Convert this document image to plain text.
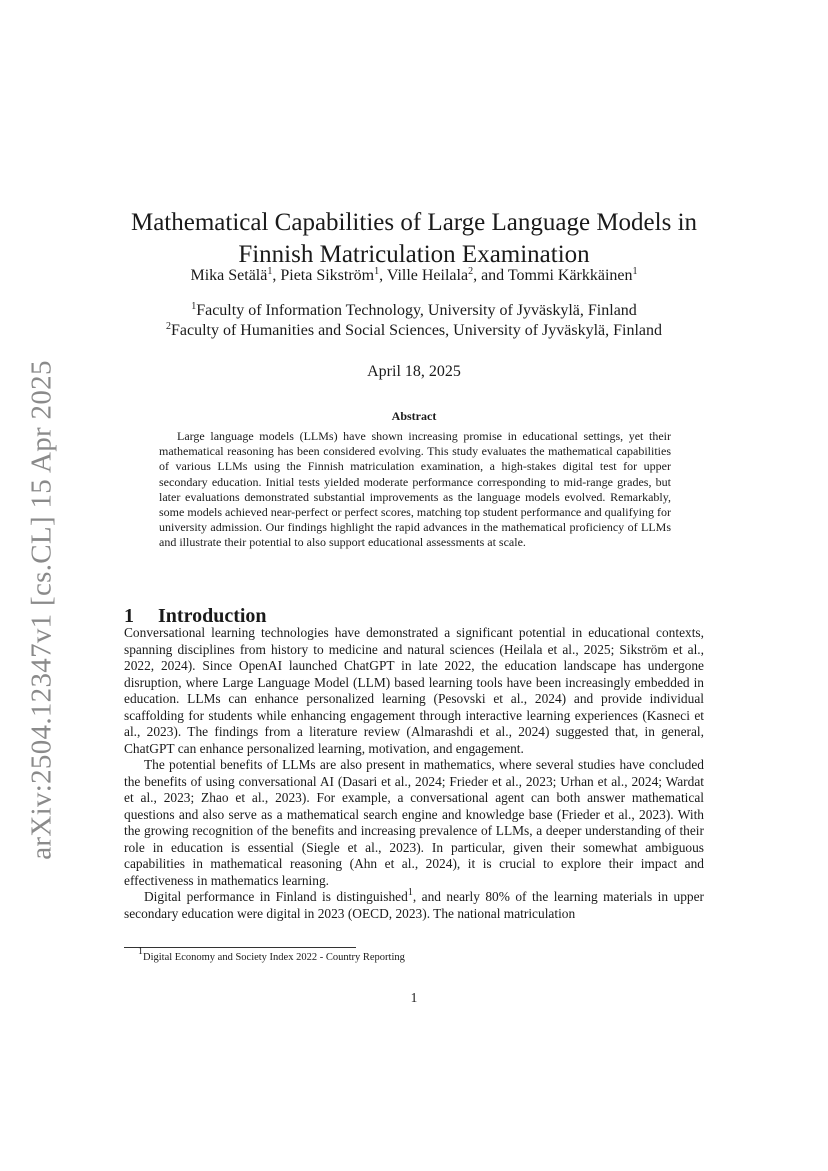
arXiv:2504.12347v1 [cs.CL] 15 Apr 2025
Mathematical Capabilities of Large Language Models in
Finnish Matriculation Examination
Mika Setälä$^1$, Pieta Sikström$^1$, Ville Heilala$^2$, and Tommi Kärkkäinen$^1$
$^1$Faculty of Information Technology, University of Jyväskylä, Finland
$^2$Faculty of Humanities and Social Sciences, University of Jyväskylä, Finland
April 18, 2025
Abstract

Large language models (LLMs) have shown increasing promise in educational settings, yet their mathematical reasoning has been considered evolving. This study evaluates the mathematical capabilities of various LLMs using the Finnish matriculation examination, a high-stakes digital test for upper secondary education. Initial tests yielded moderate performance corresponding to mid-range grades, but later evaluations demonstrated substantial improvements as the language models evolved. Remarkably, some models achieved near-perfect or perfect scores, matching top student performance and qualifying for university admission. Our findings highlight the rapid advances in the mathematical proficiency of LLMs and illustrate their potential to also support educational assessments at scale.

1 Introduction

Conversational learning technologies have demonstrated a significant potential in educational contexts, spanning disciplines from history to medicine and natural sciences (Heilala et al., 2025; Sikström et al., 2022, 2024). Since OpenAI launched ChatGPT in late 2022, the education landscape has undergone disruption, where Large Language Model (LLM) based learning tools have been increasingly embedded in education. LLMs can enhance personalized learning (Pesovski et al., 2024) and provide individual scaffolding for students while enhancing engagement through interactive learning experiences (Kasneci et al., 2023). The findings from a literature review (Almarashdi et al., 2024) suggested that, in general, ChatGPT can enhance personalized learning, motivation, and engagement.

The potential benefits of LLMs are also present in mathematics, where several studies have concluded the benefits of using conversational AI (Dasari et al., 2024; Frieder et al., 2023; Urhan et al., 2024; Wardat et al., 2023; Zhao et al., 2023). For example, a conversational agent can both answer mathematical questions and also serve as a mathematical search engine and knowledge base (Frieder et al., 2023). With the growing recognition of the benefits and increasing prevalence of LLMs, a deeper understanding of their role in education is essential (Siegle et al., 2023). In particular, given their somewhat ambiguous capabilities in mathematical reasoning (Ahn et al., 2024), it is crucial to explore their impact and effectiveness in mathematics learning.

Digital performance in Finland is distinguished$^1$, and nearly 80% of the learning materials in upper secondary education were digital in 2023 (OECD, 2023). The national matriculation

$^1$Digital Economy and Society Index 2022 - Country Reporting
1
